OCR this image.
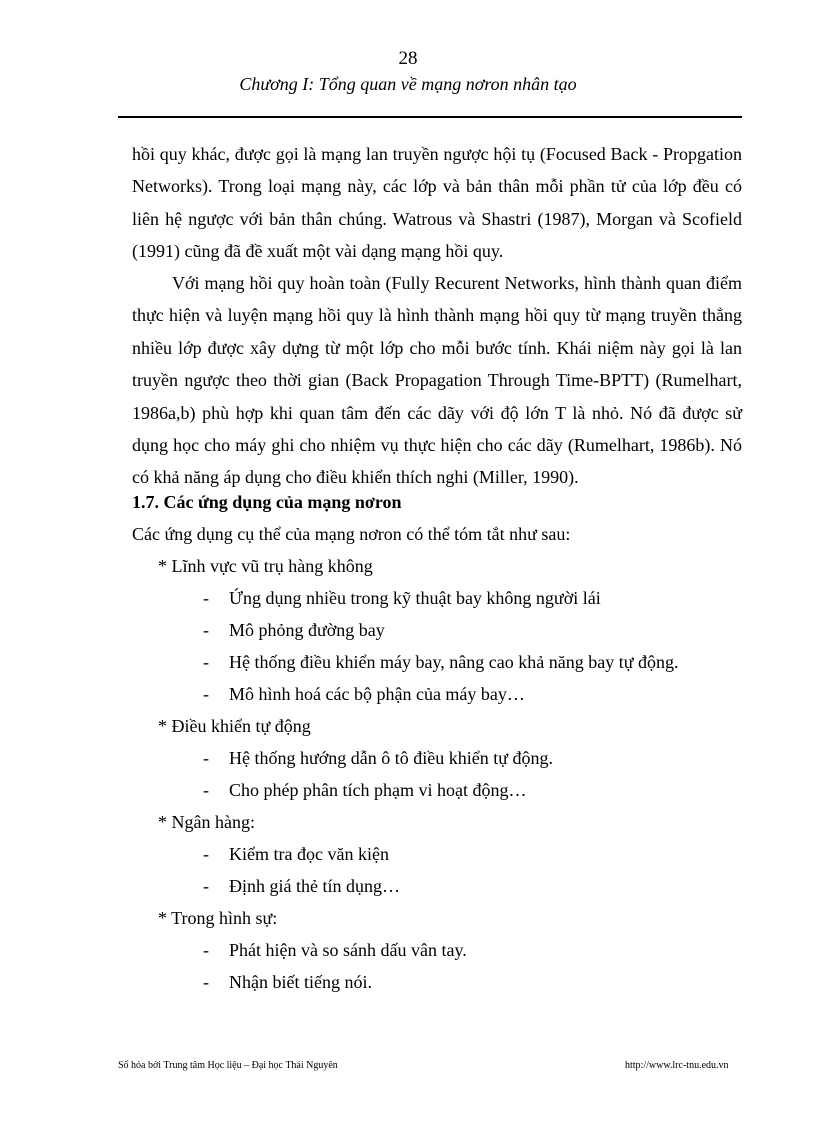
28
Chương I: Tổng quan về mạng nơron nhân tạo

hồi quy khác, được gọi là mạng lan truyền ngược hội tụ (Focused Back - Propgation Networks). Trong loại mạng này, các lớp và bản thân mỗi phần tử của lớp đều có liên hệ ngược với bản thân chúng. Watrous và Shastri (1987), Morgan và Scofield (1991) cũng đã đề xuất một vài dạng mạng hồi quy.

Với mạng hồi quy hoàn toàn (Fully Recurent Networks, hình thành quan điểm thực hiện và luyện mạng hồi quy là hình thành mạng hồi quy từ mạng truyền thẳng nhiều lớp được xây dựng từ một lớp cho mỗi bước tính. Khái niệm này gọi là lan truyền ngược theo thời gian (Back Propagation Through Time-BPTT) (Rumelhart, 1986a,b) phù hợp khi quan tâm đến các dãy với độ lớn T là nhỏ. Nó đã được sử dụng học cho máy ghi cho nhiệm vụ thực hiện cho các dãy (Rumelhart, 1986b). Nó có khả năng áp dụng cho điều khiển thích nghi (Miller, 1990).

1.7. Các ứng dụng của mạng nơron

Các ứng dụng cụ thể của mạng nơron có thể tóm tắt như sau:

* Lĩnh vực vũ trụ hàng không
- Ứng dụng nhiều trong kỹ thuật bay không người lái
- Mô phỏng đường bay
- Hệ thống điều khiển máy bay, nâng cao khả năng bay tự động.
- Mô hình hoá các bộ phận của máy bay…
* Điều khiển tự động
- Hệ thống hướng dẫn ô tô điều khiển tự động.
- Cho phép phân tích phạm vi hoạt động…
* Ngân hàng:
- Kiểm tra đọc văn kiện
- Định giá thẻ tín dụng…
* Trong hình sự:
- Phát hiện và so sánh dấu vân tay.
- Nhận biết tiếng nói.
Số hóa bởi Trung tâm Học liệu – Đại học Thái Nguyên	http://www.lrc-tnu.edu.vn
